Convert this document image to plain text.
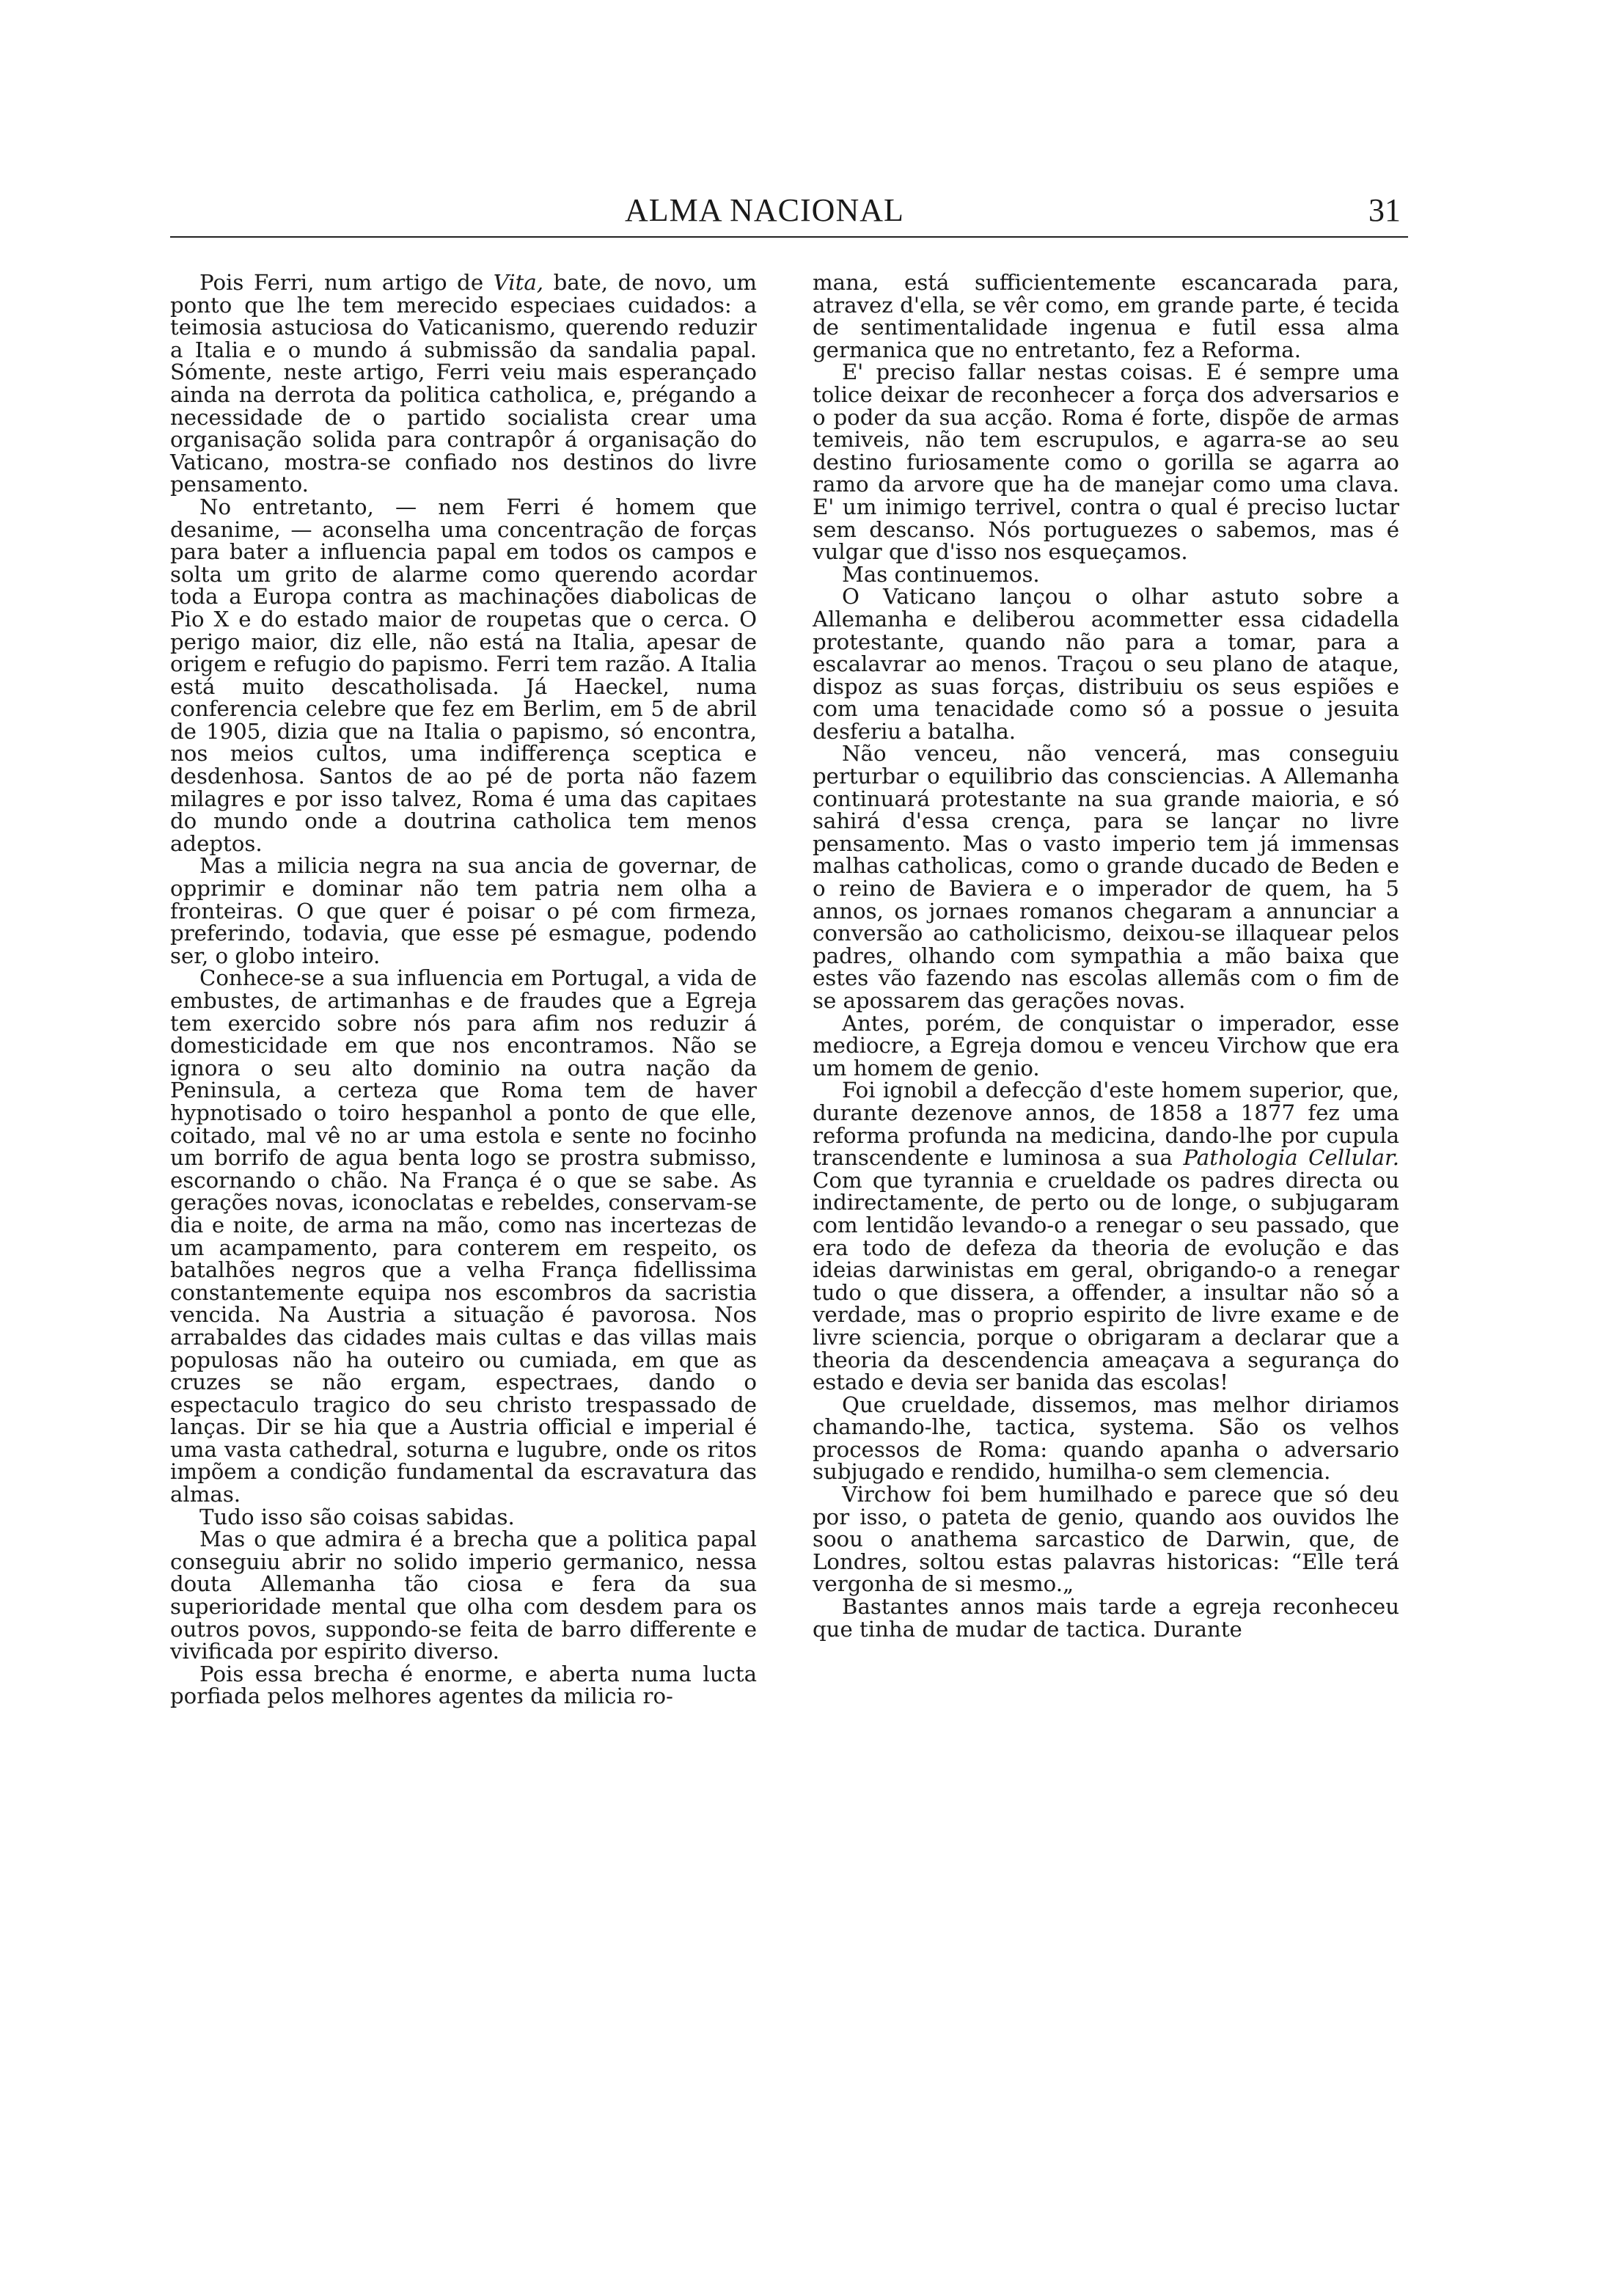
ALMA NACIONAL	31

Pois Ferri, num artigo de Vita, bate, de novo, um ponto que lhe tem merecido especiaes cuidados: a teimosia astuciosa do Vaticanismo, querendo reduzir a Italia e o mundo á submissão da sandalia papal. Sómente, neste artigo, Ferri veiu mais esperançado ainda na derrota da politica catholica, e, prégando a necessidade de o partido socialista crear uma organisação solida para contrapôr á organisação do Vaticano, mostra-se confiado nos destinos do livre pensamento.

No entretanto, — nem Ferri é homem que desanime, — aconselha uma concentração de forças para bater a influencia papal em todos os campos e solta um grito de alarme como querendo acordar toda a Europa contra as machinações diabolicas de Pio X e do estado maior de roupetas que o cerca. O perigo maior, diz elle, não está na Italia, apesar de origem e refugio do papismo. Ferri tem razão. A Italia está muito descatholisada. Já Haeckel, numa conferencia celebre que fez em Berlim, em 5 de abril de 1905, dizia que na Italia o papismo, só encontra, nos meios cultos, uma indifferença sceptica e desdenhosa. Santos de ao pé de porta não fazem milagres e por isso talvez, Roma é uma das capitaes do mundo onde a doutrina catholica tem menos adeptos.

Mas a milicia negra na sua ancia de governar, de opprimir e dominar não tem patria nem olha a fronteiras. O que quer é poisar o pé com firmeza, preferindo, todavia, que esse pé esmague, podendo ser, o globo inteiro.

Conhece-se a sua influencia em Portugal, a vida de embustes, de artimanhas e de fraudes que a Egreja tem exercido sobre nós para afim nos reduzir á domesticidade em que nos encontramos. Não se ignora o seu alto dominio na outra nação da Peninsula, a certeza que Roma tem de haver hypnotisado o toiro hespanhol a ponto de que elle, coitado, mal vê no ar uma estola e sente no focinho um borrifo de agua benta logo se prostra submisso, escornando o chão. Na França é o que se sabe. As gerações novas, iconoclatas e rebeldes, conservam-se dia e noite, de arma na mão, como nas incertezas de um acampamento, para conterem em respeito, os batalhões negros que a velha França fidellissima constantemente equipa nos escombros da sacristia vencida. Na Austria a situação é pavorosa. Nos arrabaldes das cidades mais cultas e das villas mais populosas não ha outeiro ou cumiada, em que as cruzes se não ergam, espectraes, dando o espectaculo tragico do seu christo trespassado de lanças. Dir se hia que a Austria official e imperial é uma vasta cathedral, soturna e lugubre, onde os ritos impõem a condição fundamental da escravatura das almas.

Tudo isso são coisas sabidas.

Mas o que admira é a brecha que a politica papal conseguiu abrir no solido imperio germanico, nessa douta Allemanha tão ciosa e fera da sua superioridade mental que olha com desdem para os outros povos, suppondo-se feita de barro differente e vivificada por espirito diverso.

Pois essa brecha é enorme, e aberta numa lucta porfiada pelos melhores agentes da milicia ro-

mana, está sufficientemente escancarada para, atravez d'ella, se vêr como, em grande parte, é tecida de sentimentalidade ingenua e futil essa alma germanica que no entretanto, fez a Reforma.

E' preciso fallar nestas coisas. E é sempre uma tolice deixar de reconhecer a força dos adversarios e o poder da sua acção. Roma é forte, dispõe de armas temiveis, não tem escrupulos, e agarra-se ao seu destino furiosamente como o gorilla se agarra ao ramo da arvore que ha de manejar como uma clava. E' um inimigo terrivel, contra o qual é preciso luctar sem descanso. Nós portuguezes o sabemos, mas é vulgar que d'isso nos esqueçamos.

Mas continuemos.

O Vaticano lançou o olhar astuto sobre a Allemanha e deliberou acommetter essa cidadella protestante, quando não para a tomar, para a escalavrar ao menos. Traçou o seu plano de ataque, dispoz as suas forças, distribuiu os seus espiões e com uma tenacidade como só a possue o jesuita desferiu a batalha.

Não venceu, não vencerá, mas conseguiu perturbar o equilibrio das consciencias. A Allemanha continuará protestante na sua grande maioria, e só sahirá d'essa crença, para se lançar no livre pensamento. Mas o vasto imperio tem já immensas malhas catholicas, como o grande ducado de Beden e o reino de Baviera e o imperador de quem, ha 5 annos, os jornaes romanos chegaram a annunciar a conversão ao catholicismo, deixou-se illaquear pelos padres, olhando com sympathia a mão baixa que estes vão fazendo nas escolas allemãs com o fim de se apossarem das gerações novas.

Antes, porém, de conquistar o imperador, esse mediocre, a Egreja domou e venceu Virchow que era um homem de genio.

Foi ignobil a defecção d'este homem superior, que, durante dezenove annos, de 1858 a 1877 fez uma reforma profunda na medicina, dando-lhe por cupula transcendente e luminosa a sua Pathologia Cellular. Com que tyrannia e crueldade os padres directa ou indirectamente, de perto ou de longe, o subjugaram com lentidão levando-o a renegar o seu passado, que era todo de defeza da theoria de evolução e das ideias darwinistas em geral, obrigando-o a renegar tudo o que dissera, a offender, a insultar não só a verdade, mas o proprio espirito de livre exame e de livre sciencia, porque o obrigaram a declarar que a theoria da descendencia ameaçava a segurança do estado e devia ser banida das escolas!

Que crueldade, dissemos, mas melhor diriamos chamando-lhe, tactica, systema. São os velhos processos de Roma: quando apanha o adversario subjugado e rendido, humilha-o sem clemencia.

Virchow foi bem humilhado e parece que só deu por isso, o pateta de genio, quando aos ouvidos lhe soou o anathema sarcastico de Darwin, que, de Londres, soltou estas palavras historicas: “Elle terá vergonha de si mesmo.„

Bastantes annos mais tarde a egreja reconheceu que tinha de mudar de tactica. Durante
